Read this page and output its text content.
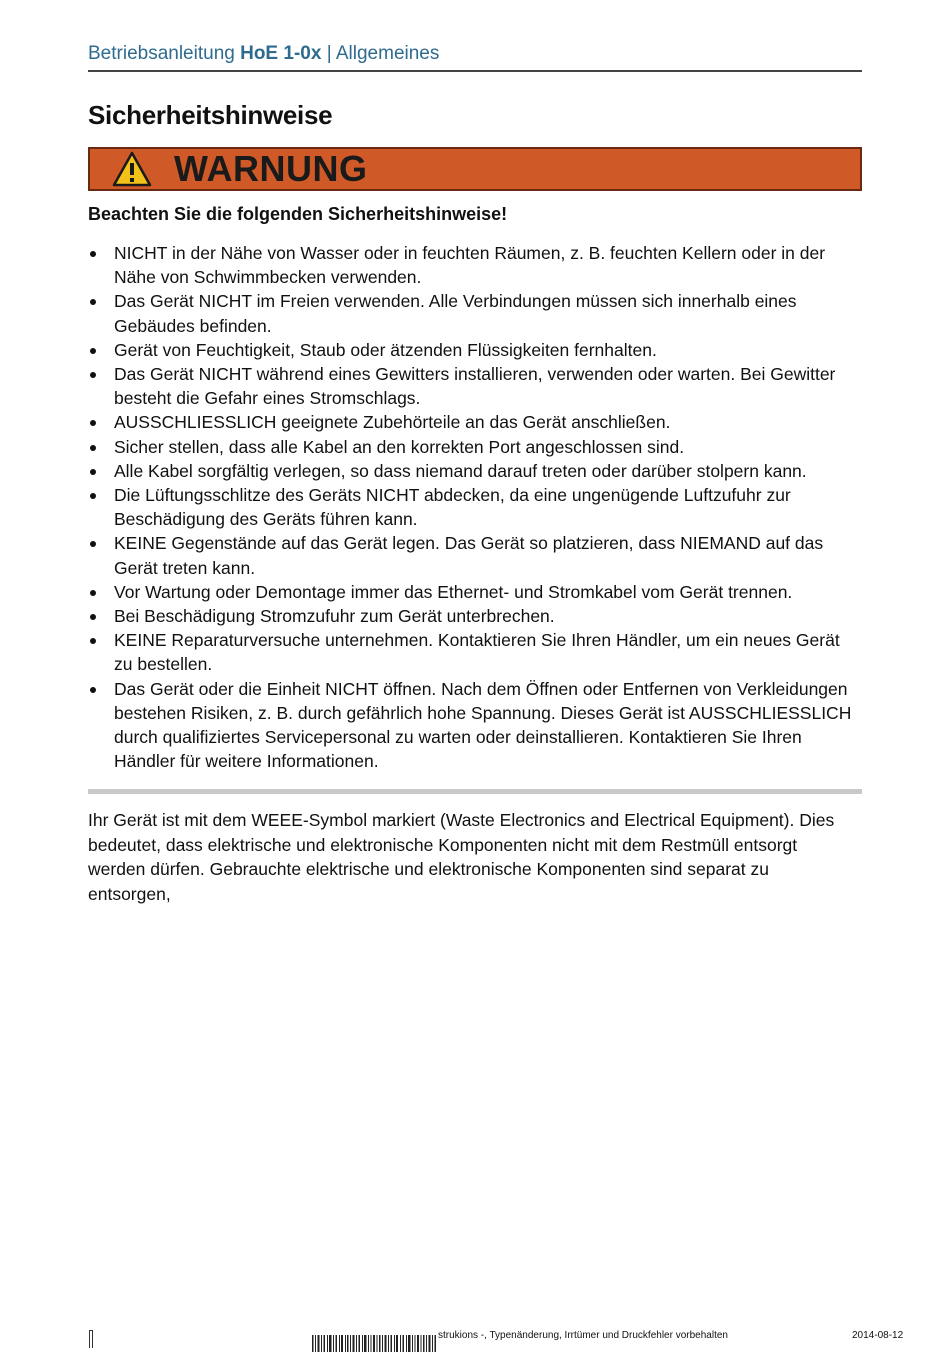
Betriebsanleitung HoE 1-0x | Allgemeines
Sicherheitshinweise
WARNUNG
Beachten Sie die folgenden Sicherheitshinweise!
NICHT in der Nähe von Wasser oder in feuchten Räumen, z. B. feuchten Kellern oder in der Nähe von Schwimmbecken verwenden.
Das Gerät NICHT im Freien verwenden. Alle Verbindungen müssen sich innerhalb eines Gebäudes befinden.
Gerät von Feuchtigkeit, Staub oder ätzenden Flüssigkeiten fernhalten.
Das Gerät NICHT während eines Gewitters installieren, verwenden oder warten. Bei Gewitter besteht die Gefahr eines Stromschlags.
AUSSCHLIESSLICH geeignete Zubehörteile an das Gerät anschließen.
Sicher stellen, dass alle Kabel an den korrekten Port angeschlossen sind.
Alle Kabel sorgfältig verlegen, so dass niemand darauf treten oder darüber stolpern kann.
Die Lüftungsschlitze des Geräts NICHT abdecken, da eine ungenügende Luftzufuhr zur Beschädigung des Geräts führen kann.
KEINE Gegenstände auf das Gerät legen. Das Gerät so platzieren, dass NIEMAND auf das Gerät treten kann.
Vor Wartung oder Demontage immer das Ethernet- und Stromkabel vom Gerät trennen.
Bei Beschädigung Stromzufuhr zum Gerät unterbrechen.
KEINE Reparaturversuche unternehmen. Kontaktieren Sie Ihren Händler, um ein neues Gerät zu bestellen.
Das Gerät oder die Einheit NICHT öffnen. Nach dem Öffnen oder Entfernen von Verkleidungen bestehen Risiken, z. B. durch gefährlich hohe Spannung. Dieses Gerät ist AUSSCHLIESSLICH durch qualifiziertes Servicepersonal zu warten oder deinstallieren. Kontaktieren Sie Ihren Händler für weitere Informationen.
Ihr Gerät ist mit dem WEEE-Symbol markiert (Waste Electronics and Electrical Equipment). Dies bedeutet, dass elektrische und elektronische Komponenten nicht mit dem Restmüll entsorgt werden dürfen. Gebrauchte elektrische und elektronische Komponenten sind separat zu entsorgen,
strukions -, Typenänderung, Irrtümer und Druckfehler vorbehalten	2014-08-12
